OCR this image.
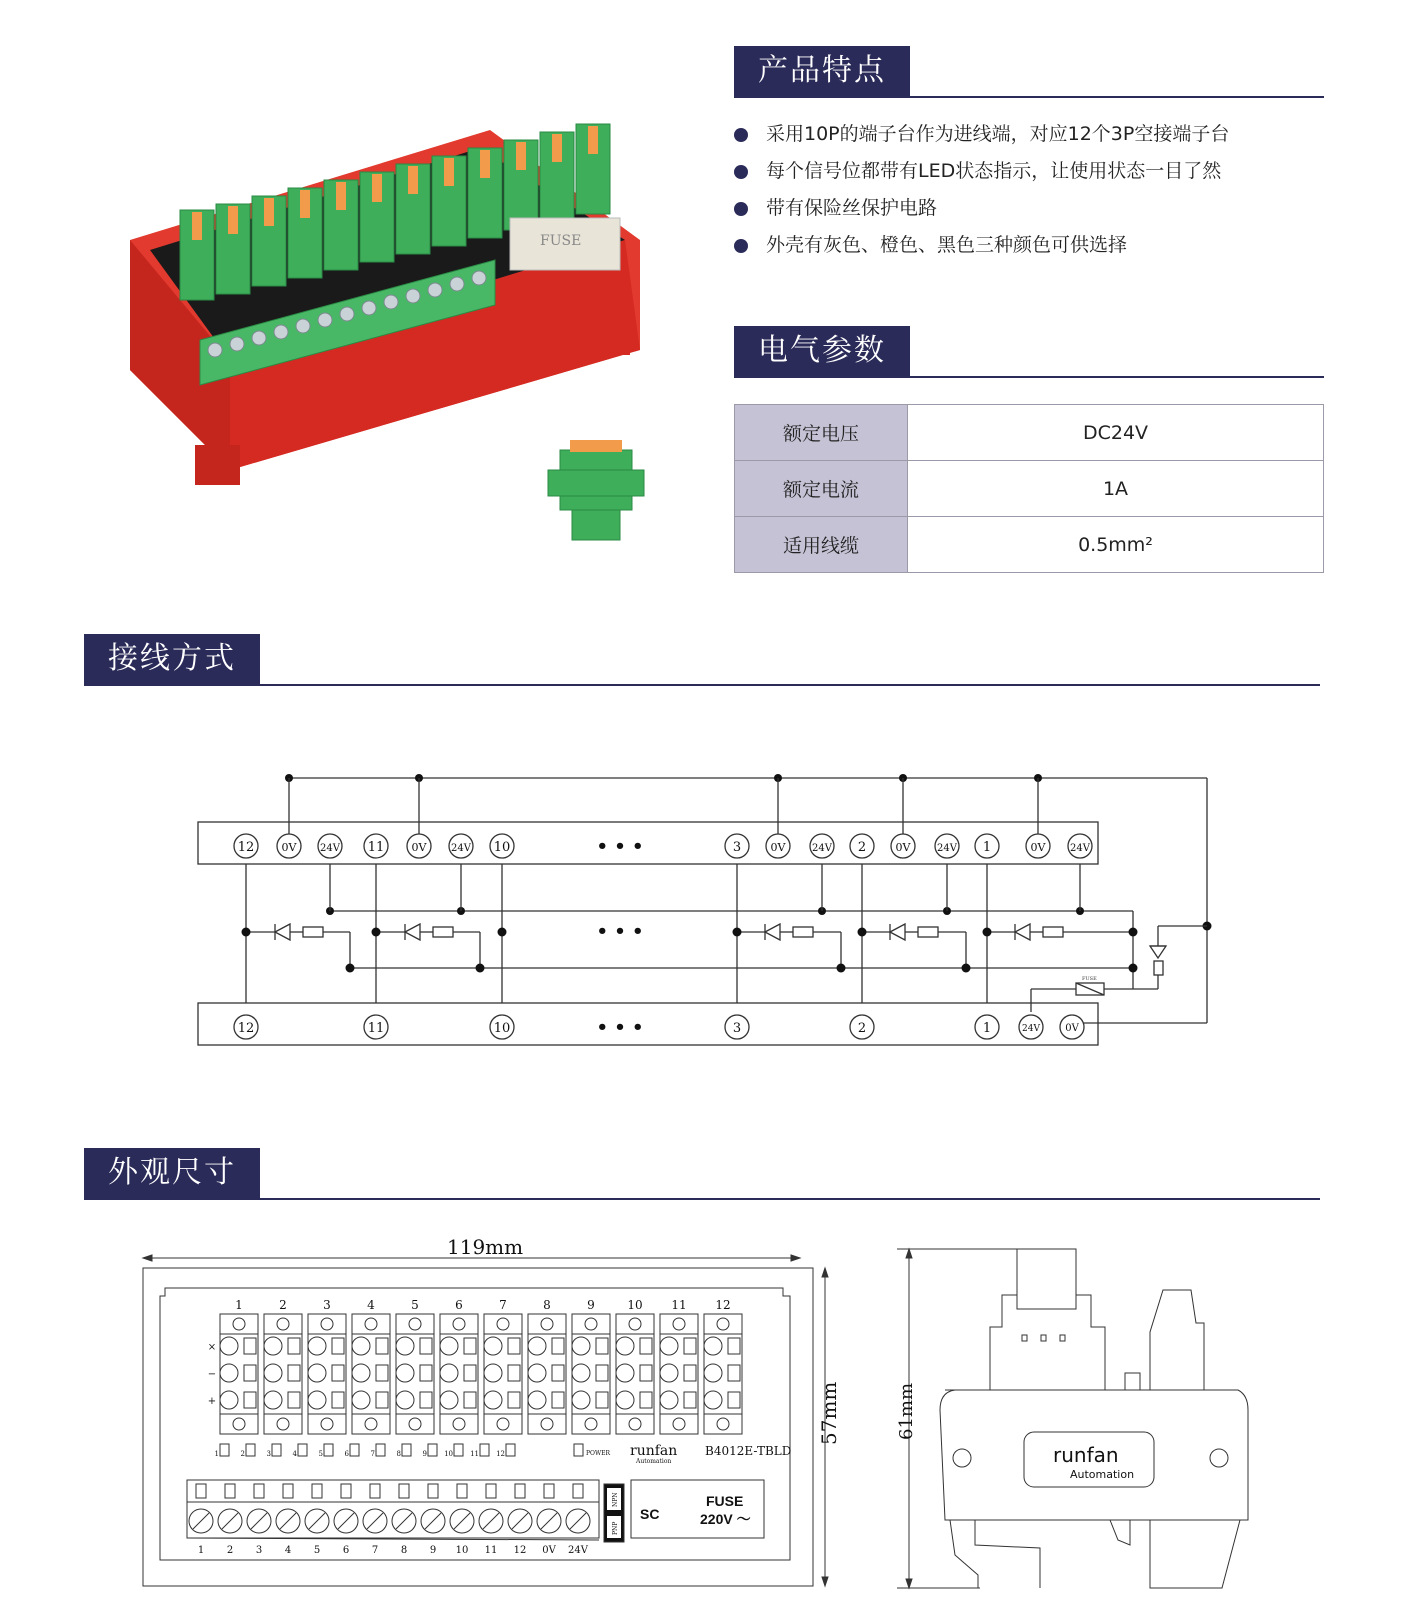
FUSE
产品特点
采用10P的端子台作为进线端，对应12个3P空接端子台
每个信号位都带有LED状态指示，让使用状态一目了然
带有保险丝保护电路
外壳有灰色、橙色、黑色三种颜色可供选择
电气参数
额定电压	DC24V
额定电流	1A
适用线缆	0.5mm²
接线方式
FUSE
12 0V 24V 11 0V 24V 10	3	0V	24V 2	0V	24V 1	0V 24V
12	11	10	3	2	1	24V	0V
• • •
• • •
• • •
外观尺寸
119mm
57mm
1	2	3	4	5	6	7	8	9	10 11 12
×
−
+
1	2	3	4	5	6	7	8	9 10 11 12	POWER runfan
Automation
B4012E-TBLD
1 2 3 4 5 6 7 8 9 10 11 12 0V 24V
NPN
PNP
SC
FUSE
220V ～
61mm
runfan
Automation
